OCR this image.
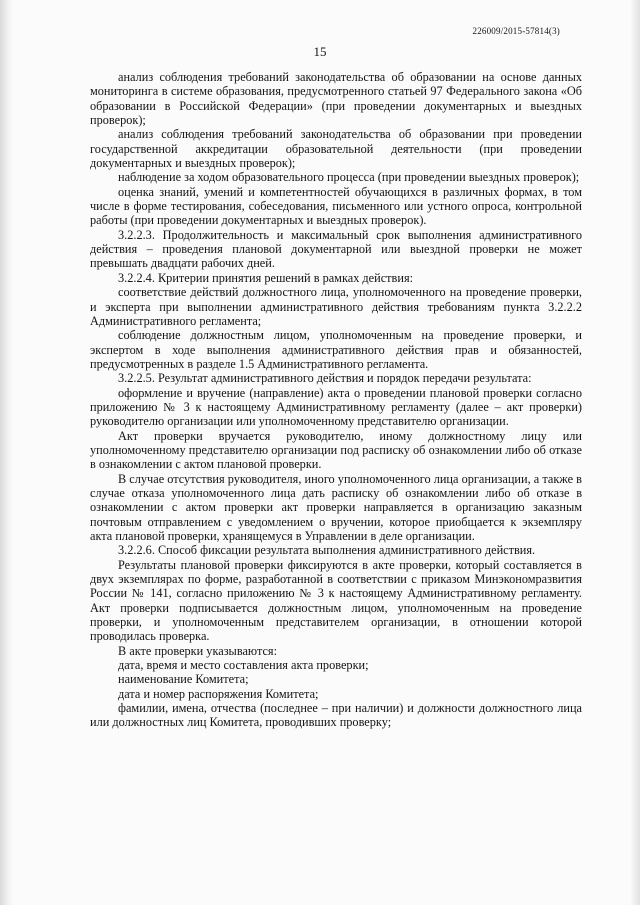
226009/2015-57814(3)
15

анализ соблюдения требований законодательства об образовании на основе данных мониторинга в системе образования, предусмотренного статьей 97 Федерального закона «Об образовании в Российской Федерации» (при проведении документарных и выездных проверок);

анализ соблюдения требований законодательства об образовании при проведении государственной аккредитации образовательной деятельности (при проведении документарных и выездных проверок);

наблюдение за ходом образовательного процесса (при проведении выездных проверок);

оценка знаний, умений и компетентностей обучающихся в различных формах, в том числе в форме тестирования, собеседования, письменного или устного опроса, контрольной работы (при проведении документарных и выездных проверок).

3.2.2.3. Продолжительность и максимальный срок выполнения административного действия – проведения плановой документарной или выездной проверки не может превышать двадцати рабочих дней.

3.2.2.4. Критерии принятия решений в рамках действия:

соответствие действий должностного лица, уполномоченного на проведение проверки, и эксперта при выполнении административного действия требованиям пункта 3.2.2.2 Административного регламента;

соблюдение должностным лицом, уполномоченным на проведение проверки, и экспертом в ходе выполнения административного действия прав и обязанностей, предусмотренных в разделе 1.5 Административного регламента.

3.2.2.5. Результат административного действия и порядок передачи результата:

оформление и вручение (направление) акта о проведении плановой проверки согласно приложению № 3 к настоящему Административному регламенту (далее – акт проверки) руководителю организации или уполномоченному представителю организации.

Акт проверки вручается руководителю, иному должностному лицу или уполномоченному представителю организации под расписку об ознакомлении либо об отказе в ознакомлении с актом плановой проверки.

В случае отсутствия руководителя, иного уполномоченного лица организации, а также в случае отказа уполномоченного лица дать расписку об ознакомлении либо об отказе в ознакомлении с актом проверки акт проверки направляется в организацию заказным почтовым отправлением с уведомлением о вручении, которое приобщается к экземпляру акта плановой проверки, хранящемуся в Управлении в деле организации.

3.2.2.6. Способ фиксации результата выполнения административного действия.

Результаты плановой проверки фиксируются в акте проверки, который составляется в двух экземплярах по форме, разработанной в соответствии с приказом Минэкономразвития России № 141, согласно приложению № 3 к настоящему Административному регламенту. Акт проверки подписывается должностным лицом, уполномоченным на проведение проверки, и уполномоченным представителем организации, в отношении которой проводилась проверка.

В акте проверки указываются:

дата, время и место составления акта проверки;

наименование Комитета;

дата и номер распоряжения Комитета;

фамилии, имена, отчества (последнее – при наличии) и должности должностного лица или должностных лиц Комитета, проводивших проверку;
